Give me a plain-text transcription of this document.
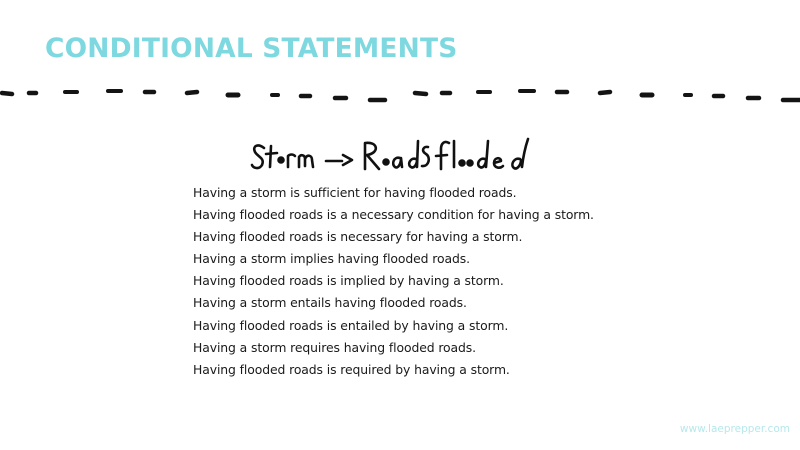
CONDITIONAL STATEMENTS
Having a storm is sufficient for having flooded roads.
Having flooded roads is a necessary condition for having a storm.
Having flooded roads is necessary for having a storm.
Having a storm implies having flooded roads.
Having flooded roads is implied by having a storm.
Having a storm entails having flooded roads.
Having flooded roads is entailed by having a storm.
Having a storm requires having flooded roads.
Having flooded roads is required by having a storm.
www.laeprepper.com
